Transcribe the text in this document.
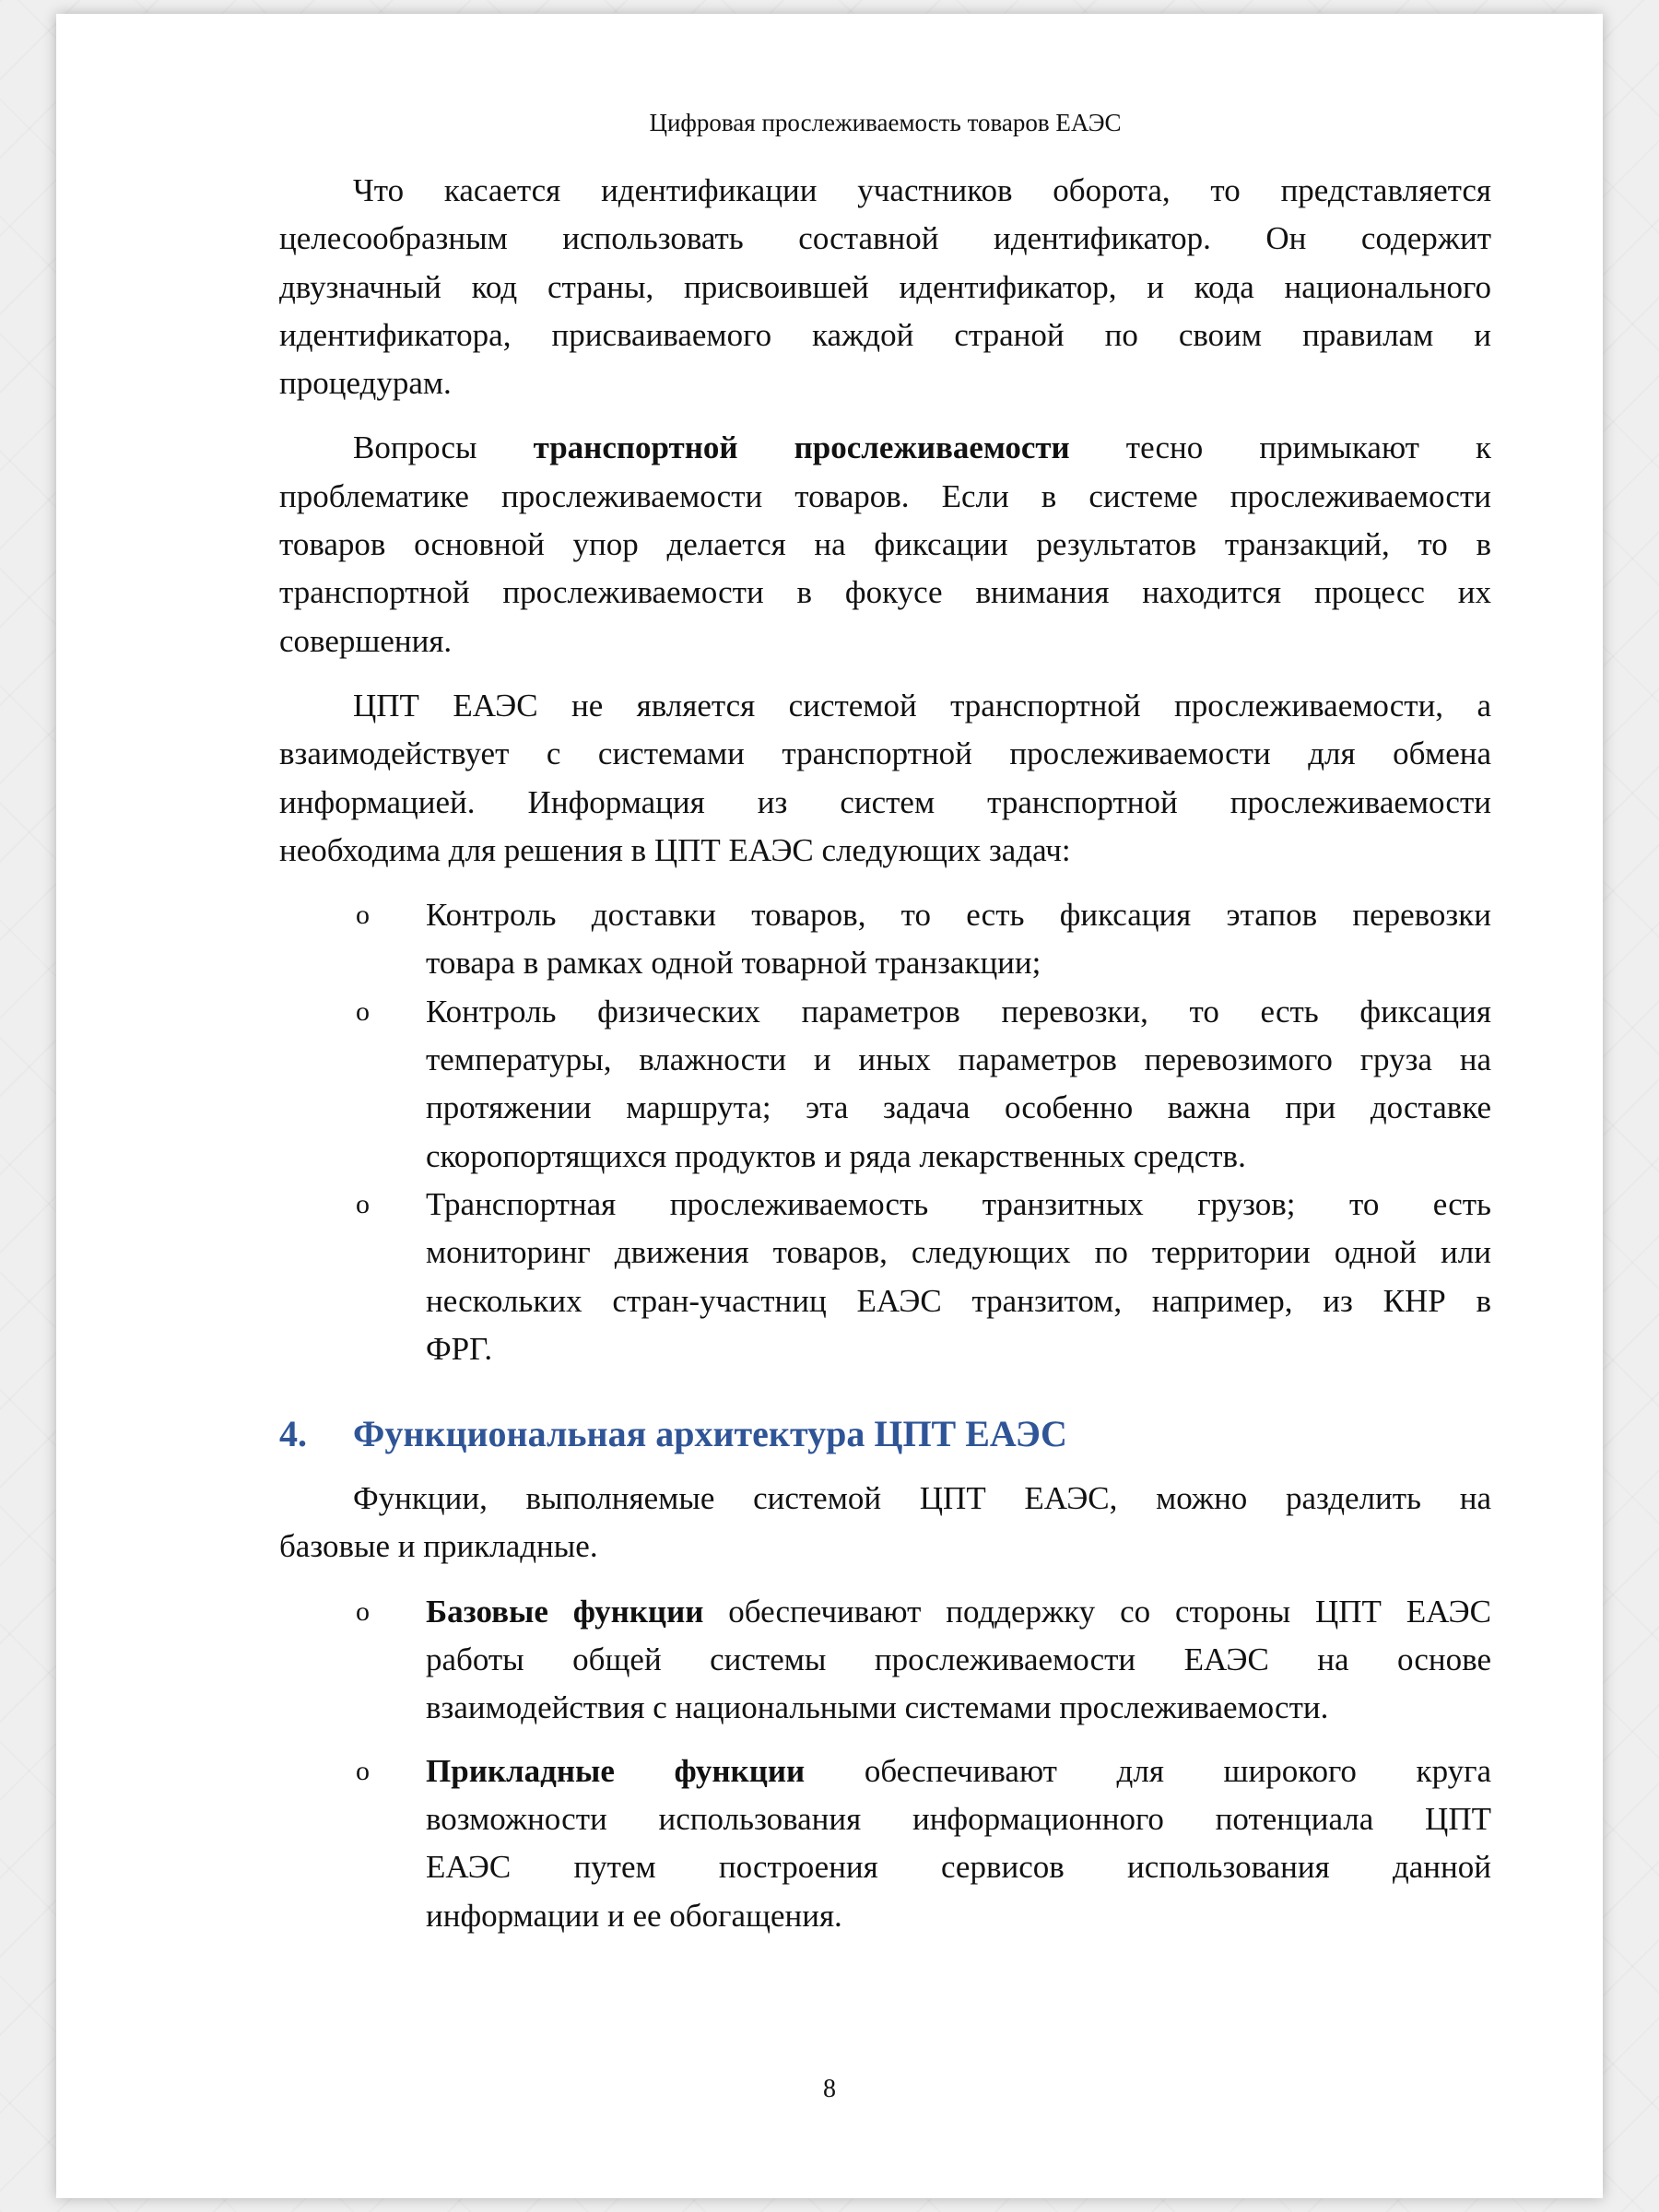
Цифровая прослеживаемость товаров ЕАЭС
Что касается идентификации участников оборота, то представляется
целесообразным использовать составной идентификатор. Он содержит
двузначный код страны, присвоившей идентификатор, и кода национального
идентификатора, присваиваемого каждой страной по своим правилам и
процедурам.
Вопросы транспортной прослеживаемости тесно примыкают к
проблематике прослеживаемости товаров. Если в системе прослеживаемости
товаров основной упор делается на фиксации результатов транзакций, то в
транспортной прослеживаемости в фокусе внимания находится процесс их
совершения.
ЦПТ ЕАЭС не является системой транспортной прослеживаемости, а
взаимодействует с системами транспортной прослеживаемости для обмена
информацией. Информация из систем транспортной прослеживаемости
необходима для решения в ЦПТ ЕАЭС следующих задач:
o Контроль доставки товаров, то есть фиксация этапов перевозки
товара в рамках одной товарной транзакции;
o Контроль физических параметров перевозки, то есть фиксация
температуры, влажности и иных параметров перевозимого груза на
протяжении маршрута; эта задача особенно важна при доставке
скоропортящихся продуктов и ряда лекарственных средств.
o Транспортная прослеживаемость транзитных грузов; то есть
мониторинг движения товаров, следующих по территории одной или
нескольких стран-участниц ЕАЭС транзитом, например, из КНР в
ФРГ.
4. Функциональная архитектура ЦПТ ЕАЭС
Функции, выполняемые системой ЦПТ ЕАЭС, можно разделить на
базовые и прикладные.
o Базовые функции обеспечивают поддержку со стороны ЦПТ ЕАЭС
работы общей системы прослеживаемости ЕАЭС на основе
взаимодействия с национальными системами прослеживаемости.
o Прикладные функции обеспечивают для широкого круга
возможности использования информационного потенциала ЦПТ
ЕАЭС путем построения сервисов использования данной
информации и ее обогащения.
8
